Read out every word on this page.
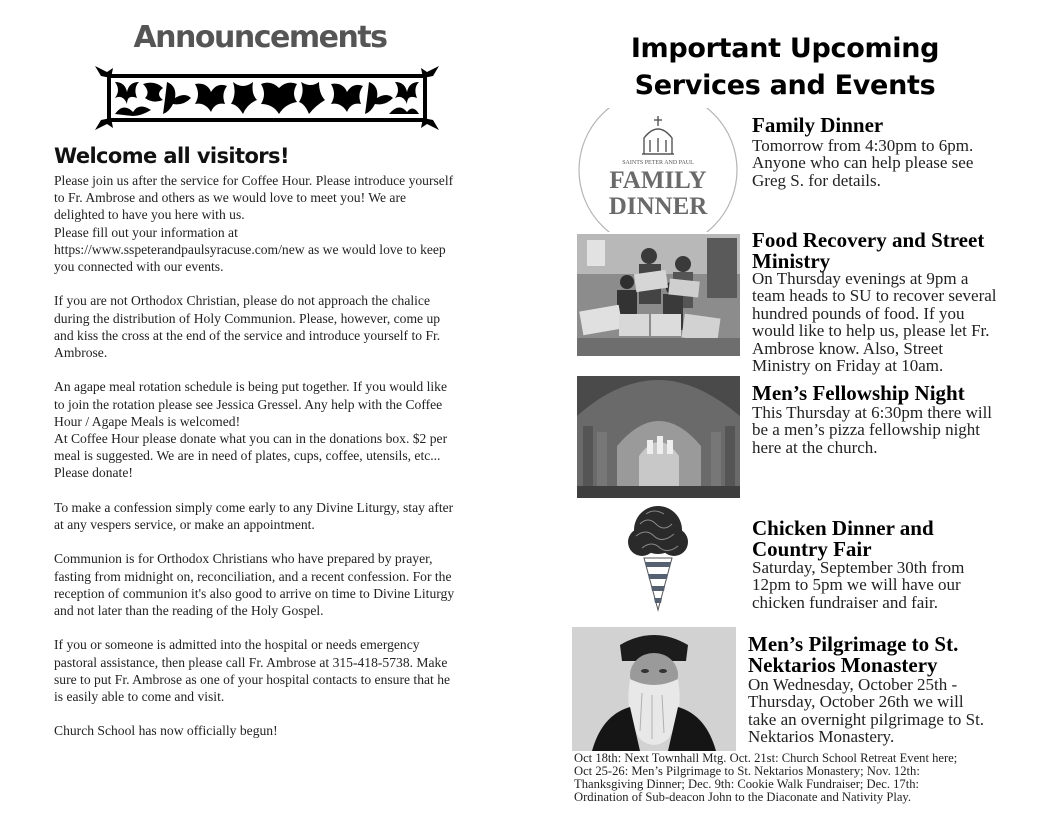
Announcements
Welcome all visitors!

Please join us after the service for Coffee Hour. Please introduce yourself
to Fr. Ambrose and others as we would love to meet you! We are
delighted to have you here with us.
Please fill out your information at
https://www.sspeterandpaulsyracuse.com/new as we would love to keep
you connected with our events.

If you are not Orthodox Christian, please do not approach the chalice
during the distribution of Holy Communion. Please, however, come up
and kiss the cross at the end of the service and introduce yourself to Fr.
Ambrose.

An agape meal rotation schedule is being put together. If you would like
to join the rotation please see Jessica Gressel. Any help with the Coffee
Hour / Agape Meals is welcomed!
At Coffee Hour please donate what you can in the donations box. $2 per
meal is suggested. We are in need of plates, cups, coffee, utensils, etc...
Please donate!

To make a confession simply come early to any Divine Liturgy, stay after
at any vespers service, or make an appointment.

Communion is for Orthodox Christians who have prepared by prayer,
fasting from midnight on, reconciliation, and a recent confession. For the
reception of communion it's also good to arrive on time to Divine Liturgy
and not later than the reading of the Holy Gospel.

If you or someone is admitted into the hospital or needs emergency
pastoral assistance, then please call Fr. Ambrose at 315-418-5738. Make
sure to put Fr. Ambrose as one of your hospital contacts to ensure that he
is easily able to come and visit.

Church School has now officially begun!

Important Upcoming
Services and Events
SAINTS PETER AND PAUL
FAMILY
DINNER
Family Dinner
Tomorrow from 4:30pm to 6pm.
Anyone who can help please see
Greg S. for details.
Food Recovery and Street
Ministry
On Thursday evenings at 9pm a
team heads to SU to recover several
hundred pounds of food. If you
would like to help us, please let Fr.
Ambrose know. Also, Street
Ministry on Friday at 10am.
Men’s Fellowship Night
This Thursday at 6:30pm there will
be a men’s pizza fellowship night
here at the church.
Chicken Dinner and
Country Fair
Saturday, September 30th from
12pm to 5pm we will have our
chicken fundraiser and fair.
Men’s Pilgrimage to St.
Nektarios Monastery
On Wednesday, October 25th -
Thursday, October 26th we will
take an overnight pilgrimage to St.
Nektarios Monastery.
Oct 18th: Next Townhall Mtg. Oct. 21st: Church School Retreat Event here;
Oct 25-26: Men’s Pilgrimage to St. Nektarios Monastery; Nov. 12th:
Thanksgiving Dinner; Dec. 9th: Cookie Walk Fundraiser; Dec. 17th:
Ordination of Sub-deacon John to the Diaconate and Nativity Play.
